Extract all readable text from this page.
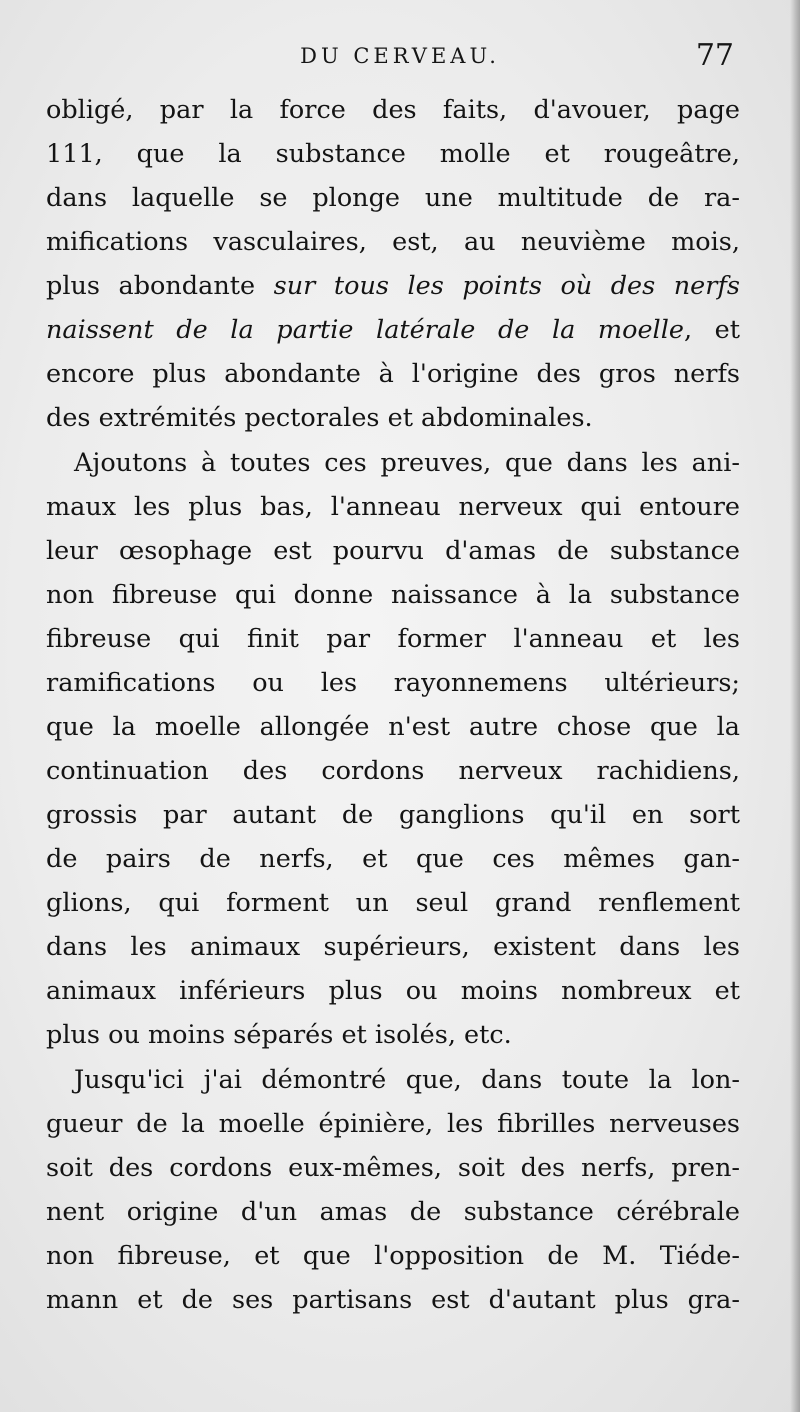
DU CERVEAU.	77
obligé, par la force des faits, d'avouer, page
111, que la substance molle et rougeâtre,
dans laquelle se plonge une multitude de ra-
mifications vasculaires, est, au neuvième mois,
plus abondante sur tous les points où des nerfs
naissent de la partie latérale de la moelle, et
encore plus abondante à l'origine des gros nerfs
des extrémités pectorales et abdominales.
Ajoutons à toutes ces preuves, que dans les ani-
maux les plus bas, l'anneau nerveux qui entoure
leur œsophage est pourvu d'amas de substance
non fibreuse qui donne naissance à la substance
fibreuse qui finit par former l'anneau et les
ramifications ou les rayonnemens ultérieurs;
que la moelle allongée n'est autre chose que la
continuation des cordons nerveux rachidiens,
grossis par autant de ganglions qu'il en sort
de pairs de nerfs, et que ces mêmes gan-
glions, qui forment un seul grand renflement
dans les animaux supérieurs, existent dans les
animaux inférieurs plus ou moins nombreux et
plus ou moins séparés et isolés, etc.
Jusqu'ici j'ai démontré que, dans toute la lon-
gueur de la moelle épinière, les fibrilles nerveuses
soit des cordons eux-mêmes, soit des nerfs, pren-
nent origine d'un amas de substance cérébrale
non fibreuse, et que l'opposition de M. Tiéde-
mann et de ses partisans est d'autant plus gra-
